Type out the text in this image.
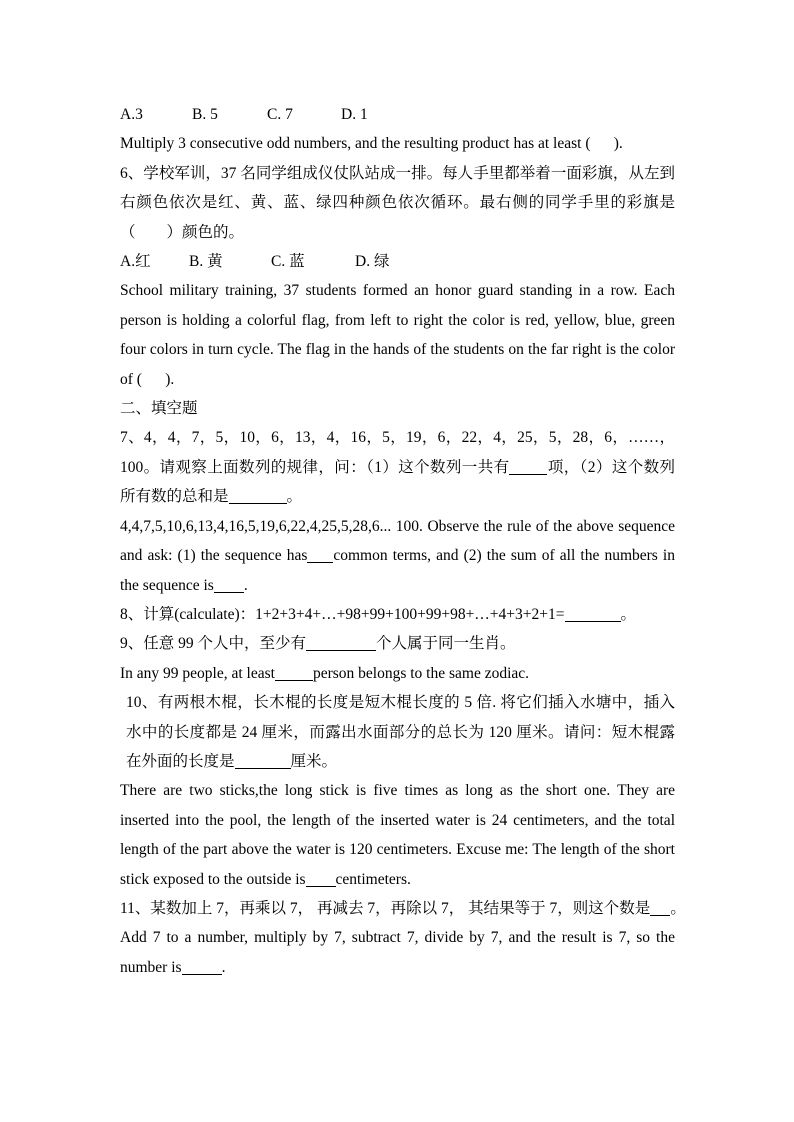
A.3	B. 5	C. 7	D. 1
Multiply 3 consecutive odd numbers, and the resulting product has at least (  ).
6、学校军训，37 名同学组成仪仗队站成一排。每人手里都举着一面彩旗，从左到右颜色依次是红、黄、蓝、绿四种颜色依次循环。最右侧的同学手里的彩旗是（  ）颜色的。
A.红 B. 黄	C. 蓝	D. 绿
School military training, 37 students formed an honor guard standing in a row. Each person is holding a colorful flag, from left to right the color is red, yellow, blue, green four colors in turn cycle. The flag in the hands of the students on the far right is the color of (  ).
二、填空题
7、4，4，7，5，10，6，13，4，16，5，19，6，22，4，25，5，28，6，……，100。请观察上面数列的规律，问：（1）这个数列一共有 项，（2）这个数列所有数的总和是	。
4,4,7,5,10,6,13,4,16,5,19,6,22,4,25,5,28,6... 100. Observe the rule of the above sequence and ask: (1) the sequence has common terms, and (2) the sum of all the numbers in the sequence is .
8、计算(calculate)：1+2+3+4+…+98+99+100+99+98+…+4+3+2+1=	。
9、任意 99 个人中，至少有	个人属于同一生肖。
In any 99 people, at least person belongs to the same zodiac.
10、有两根木棍，长木棍的长度是短木棍长度的 5 倍. 将它们插入水塘中，插入水中的长度都是 24 厘米，而露出水面部分的总长为 120 厘米。请问：短木棍露在外面的长度是	厘米。
There are two sticks,the long stick is five times as long as the short one. They are inserted into the pool, the length of the inserted water is 24 centimeters, and the total length of the part above the water is 120 centimeters. Excuse me: The length of the short stick exposed to the outside is centimeters.
11、某数加上 7，再乘以 7， 再减去 7，再除以 7， 其结果等于 7，则这个数是 。
Add 7 to a number, multiply by 7, subtract 7, divide by 7, and the result is 7, so the number is	.
